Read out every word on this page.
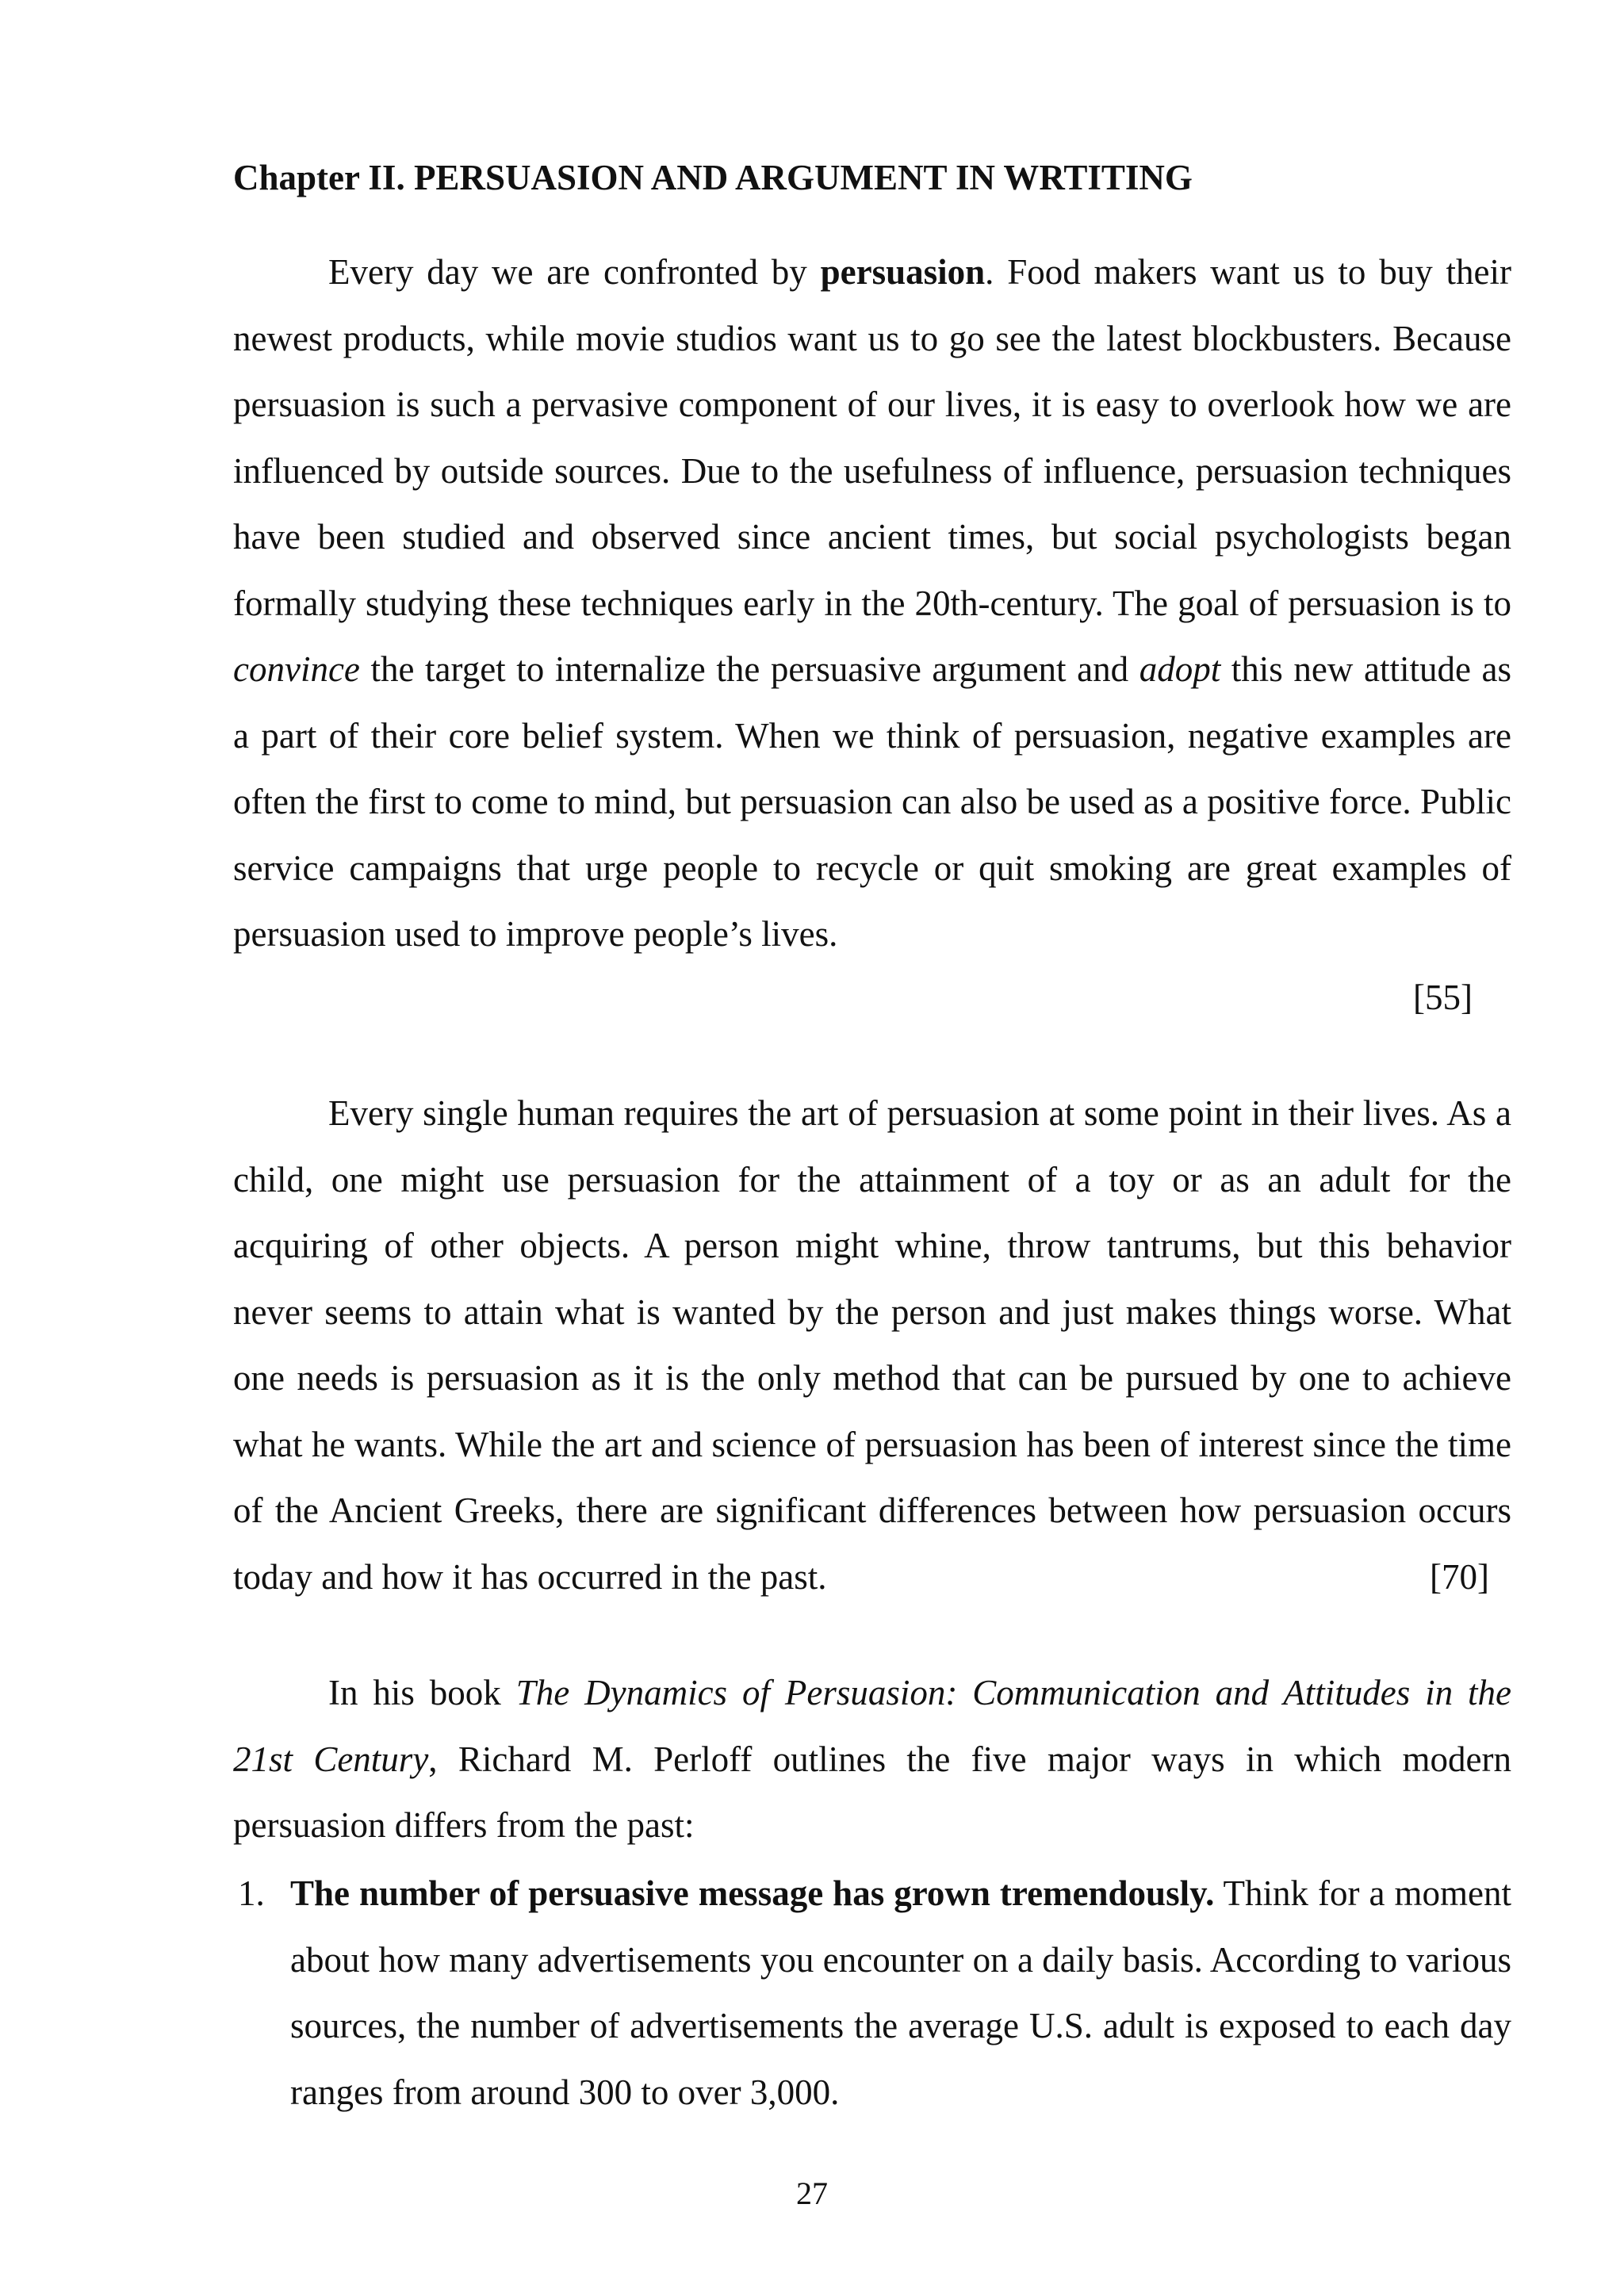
Chapter II. PERSUASION AND ARGUMENT IN WRTITING

Every day we are confronted by persuasion. Food makers want us to buy their newest products, while movie studios want us to go see the latest blockbusters. Because persuasion is such a pervasive component of our lives, it is easy to overlook how we are influenced by outside sources. Due to the usefulness of influence, persuasion techniques have been studied and observed since ancient times, but social psychologists began formally studying these techniques early in the 20th-century. The goal of persuasion is to convince the target to internalize the persuasive argument and adopt this new attitude as a part of their core belief system. When we think of persuasion, negative examples are often the first to come to mind, but persuasion can also be used as a positive force. Public service campaigns that urge people to recycle or quit smoking are great examples of persuasion used to improve people’s lives.

[55]

Every single human requires the art of persuasion at some point in their lives. As a child, one might use persuasion for the attainment of a toy or as an adult for the acquiring of other objects. A person might whine, throw tantrums, but this behavior never seems to attain what is wanted by the person and just makes things worse. What one needs is persuasion as it is the only method that can be pursued by one to achieve what he wants. While the art and science of persuasion has been of interest since the time of the Ancient Greeks, there are significant differences between how persuasion occurs today and how it has occurred in the past.	[70]

In his book The Dynamics of Persuasion: Communication and Attitudes in the 21st Century, Richard M. Perloff outlines the five major ways in which modern persuasion differs from the past:

1. The number of persuasive message has grown tremendously. Think for a moment about how many advertisements you encounter on a daily basis. According to various sources, the number of advertisements the average U.S. adult is exposed to each day ranges from around 300 to over 3,000.
27
